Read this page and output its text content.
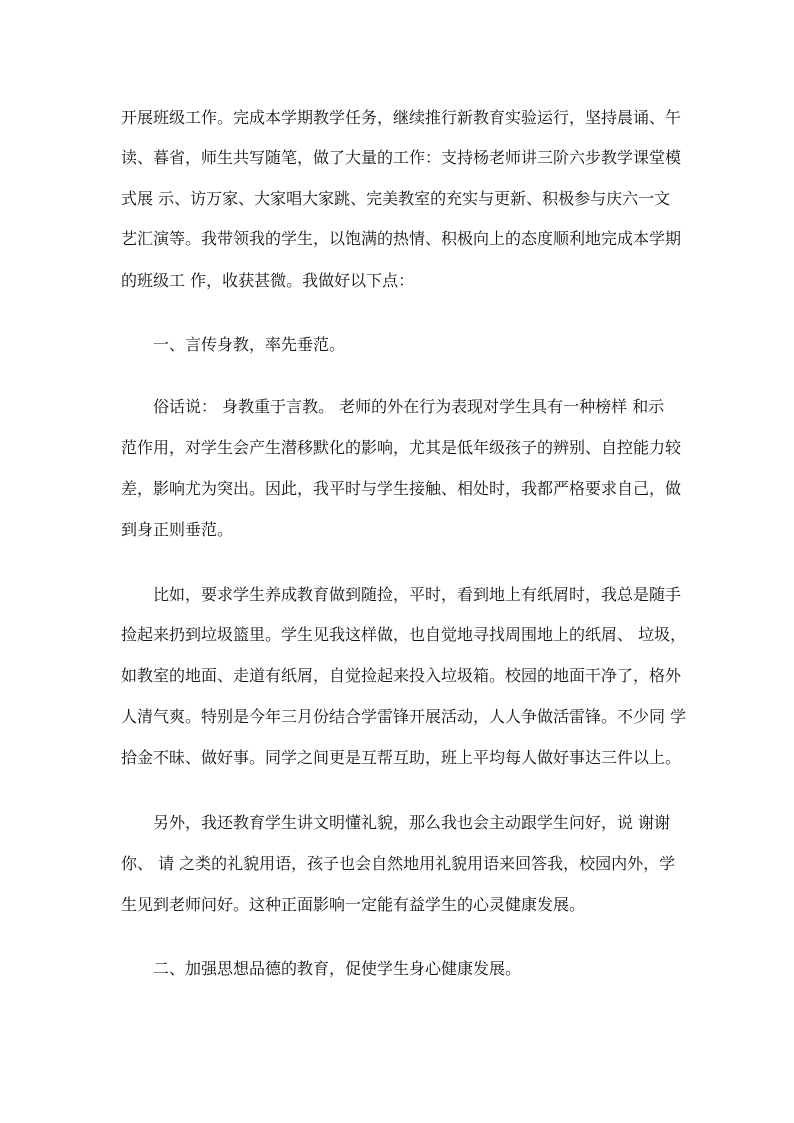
开展班级工作。完成本学期教学任务，继续推行新教育实验运行，坚持晨诵、午
读、暮省，师生共写随笔，做了大量的工作：支持杨老师讲三阶六步教学课堂模
式展 示、访万家、大家唱大家跳、完美教室的充实与更新、积极参与庆六一文
艺汇演等。我带领我的学生，以饱满的热情、积极向上的态度顺利地完成本学期
的班级工 作，收获甚微。我做好以下点：
一、言传身教，率先垂范。
俗话说： 身教重于言教。 老师的外在行为表现对学生具有一种榜样 和示
范作用，对学生会产生潜移默化的影响，尤其是低年级孩子的辨别、自控能力较
差，影响尤为突出。因此，我平时与学生接触、相处时，我都严格要求自己，做
到身正则垂范。
比如，要求学生养成教育做到随捡，平时，看到地上有纸屑时，我总是随手
捡起来扔到垃圾篮里。学生见我这样做，也自觉地寻找周围地上的纸屑、 垃圾，
如教室的地面、走道有纸屑，自觉捡起来投入垃圾箱。校园的地面干净了，格外
人清气爽。特别是今年三月份结合学雷锋开展活动，人人争做活雷锋。不少同 学
拾金不昧、做好事。同学之间更是互帮互助，班上平均每人做好事达三件以上。
另外，我还教育学生讲文明懂礼貌，那么我也会主动跟学生问好，说 谢谢
你、 请 之类的礼貌用语，孩子也会自然地用礼貌用语来回答我，校园内外，学
生见到老师问好。这种正面影响一定能有益学生的心灵健康发展。
二、加强思想品德的教育，促使学生身心健康发展。
